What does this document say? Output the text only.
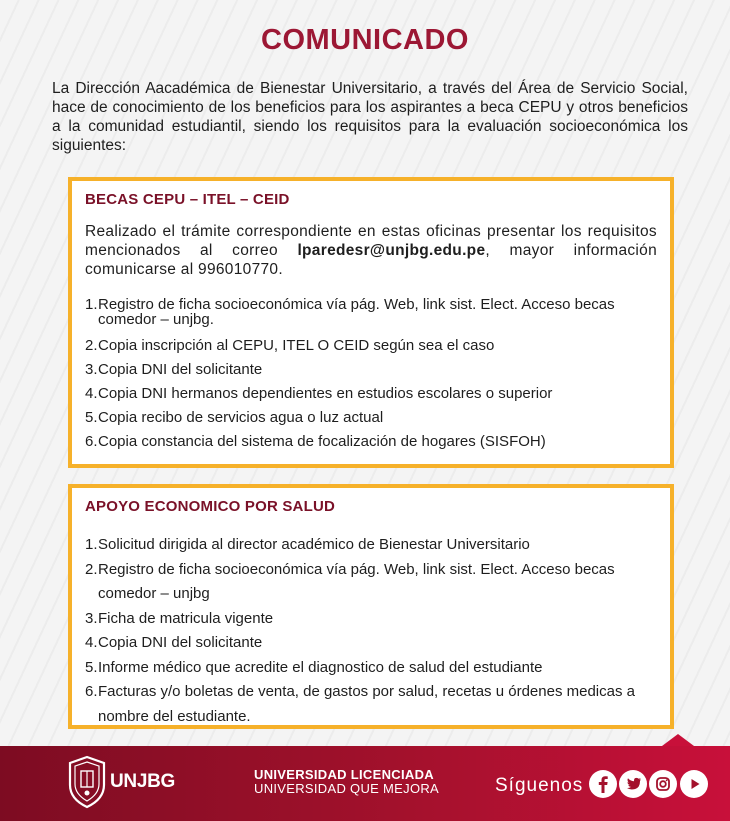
COMUNICADO

La Dirección Aacadémica de Bienestar Universitario, a través del Área de Servicio Social, hace de conocimiento de los beneficios para los aspirantes a beca CEPU y otros beneficios a la comunidad estudiantil, siendo los requisitos para la evaluación socioeconómica los siguientes:

BECAS CEPU – ITEL – CEID

Realizado el trámite correspondiente en estas oficinas presentar los requisitos mencionados al correo lparedesr@unjbg.edu.pe, mayor información comunicarse al 996010770.

1. Registro de ficha socioeconómica vía pág. Web, link sist. Elect. Acceso becas comedor – unjbg.
2. Copia inscripción al CEPU, ITEL O CEID según sea el caso
3. Copia DNI del solicitante
4. Copia DNI hermanos dependientes en estudios escolares o superior
5. Copia recibo de servicios agua o luz actual
6. Copia constancia del sistema de focalización de hogares (SISFOH)
APOYO ECONOMICO POR SALUD
1. Solicitud dirigida al director académico de Bienestar Universitario
2. Registro de ficha socioeconómica vía pág. Web, link sist. Elect. Acceso becas comedor – unjbg
3. Ficha de matricula vigente
4. Copia DNI del solicitante
5. Informe médico que acredite el diagnostico de salud del estudiante
6. Facturas y/o boletas de venta, de gastos por salud, recetas u órdenes medicas a nombre del estudiante.
UNJBG	UNIVERSIDAD LICENCIADA
UNIVERSIDAD QUE MEJORA	Síguenos
